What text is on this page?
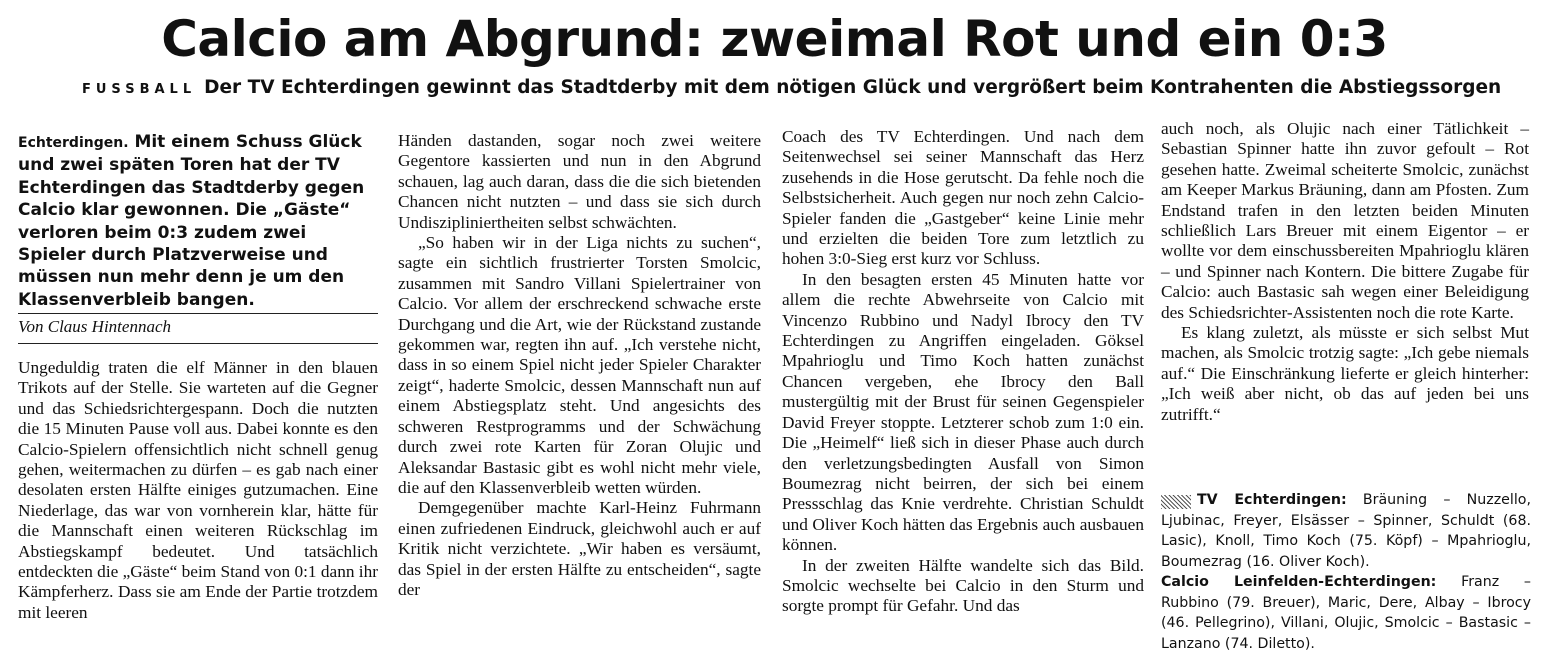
Calcio am Abgrund: zweimal Rot und ein 0:3
FUSSBALL Der TV Echterdingen gewinnt das Stadtderby mit dem nötigen Glück und vergrößert beim Kontrahenten die Abstiegssorgen
Echterdingen. Mit einem Schuss Glück und zwei späten Toren hat der TV Echterdingen das Stadtderby gegen Calcio klar gewonnen. Die „Gäste“ verloren beim 0:3 zudem zwei Spieler durch Platzverweise und müssen nun mehr denn je um den Klassenverbleib bangen.
Von Claus Hintennach

Ungeduldig traten die elf Männer in den blauen Trikots auf der Stelle. Sie warteten auf die Gegner und das Schiedsrichtergespann. Doch die nutzten die 15 Minuten Pause voll aus. Dabei konnte es den Calcio-Spielern offensichtlich nicht schnell genug gehen, weitermachen zu dürfen – es gab nach einer desolaten ersten Hälfte einiges gutzumachen. Eine Niederlage, das war von vornherein klar, hätte für die Mannschaft einen weiteren Rückschlag im Abstiegskampf bedeutet. Und tatsächlich entdeckten die „Gäste“ beim Stand von 0:1 dann ihr Kämpferherz. Dass sie am Ende der Partie trotzdem mit leeren

Händen dastanden, sogar noch zwei weitere Gegentore kassierten und nun in den Abgrund schauen, lag auch daran, dass die die sich bietenden Chancen nicht nutzten – und dass sie sich durch Undiszipliniertheiten selbst schwächten.

„So haben wir in der Liga nichts zu suchen“, sagte ein sichtlich frustrierter Torsten Smolcic, zusammen mit Sandro Villani Spielertrainer von Calcio. Vor allem der erschreckend schwache erste Durchgang und die Art, wie der Rückstand zustande gekommen war, regten ihn auf. „Ich verstehe nicht, dass in so einem Spiel nicht jeder Spieler Charakter zeigt“, haderte Smolcic, dessen Mannschaft nun auf einem Abstiegsplatz steht. Und angesichts des schweren Restprogramms und der Schwächung durch zwei rote Karten für Zoran Olujic und Aleksandar Bastasic gibt es wohl nicht mehr viele, die auf den Klassenverbleib wetten würden.

Demgegenüber machte Karl-Heinz Fuhrmann einen zufriedenen Eindruck, gleichwohl auch er auf Kritik nicht verzichtete. „Wir haben es versäumt, das Spiel in der ersten Hälfte zu entscheiden“, sagte der

Coach des TV Echterdingen. Und nach dem Seitenwechsel sei seiner Mannschaft das Herz zusehends in die Hose gerutscht. Da fehle noch die Selbstsicherheit. Auch gegen nur noch zehn Calcio-Spieler fanden die „Gastgeber“ keine Linie mehr und erzielten die beiden Tore zum letztlich zu hohen 3:0-Sieg erst kurz vor Schluss.

In den besagten ersten 45 Minuten hatte vor allem die rechte Abwehrseite von Calcio mit Vincenzo Rubbino und Nadyl Ibrocy den TV Echterdingen zu Angriffen eingeladen. Göksel Mpahrioglu und Timo Koch hatten zunächst Chancen vergeben, ehe Ibrocy den Ball mustergültig mit der Brust für seinen Gegenspieler David Freyer stoppte. Letzterer schob zum 1:0 ein. Die „Heimelf“ ließ sich in dieser Phase auch durch den verletzungsbedingten Ausfall von Simon Boumezrag nicht beirren, der sich bei einem Pressschlag das Knie verdrehte. Christian Schuldt und Oliver Koch hätten das Ergebnis auch ausbauen können.

In der zweiten Hälfte wandelte sich das Bild. Smolcic wechselte bei Calcio in den Sturm und sorgte prompt für Gefahr. Und das

auch noch, als Olujic nach einer Tätlichkeit – Sebastian Spinner hatte ihn zuvor gefoult – Rot gesehen hatte. Zweimal scheiterte Smolcic, zunächst am Keeper Markus Bräuning, dann am Pfosten. Zum Endstand trafen in den letzten beiden Minuten schließlich Lars Breuer mit einem Eigentor – er wollte vor dem einschussbereiten Mpahrioglu klären – und Spinner nach Kontern. Die bittere Zugabe für Calcio: auch Bastasic sah wegen einer Beleidigung des Schiedsrichter-Assistenten noch die rote Karte.

Es klang zuletzt, als müsste er sich selbst Mut machen, als Smolcic trotzig sagte: „Ich gebe niemals auf.“ Die Einschränkung lieferte er gleich hinterher: „Ich weiß aber nicht, ob das auf jeden bei uns zutrifft.“

TV Echterdingen: Bräuning – Nuzzello, Ljubinac, Freyer, Elsässer – Spinner, Schuldt (68. Lasic), Knoll, Timo Koch (75. Köpf) – Mpahrioglu, Boumezrag (16. Oliver Koch).

Calcio Leinfelden-Echterdingen: Franz – Rubbino (79. Breuer), Maric, Dere, Albay – Ibrocy (46. Pellegrino), Villani, Olujic, Smolcic – Bastasic – Lanzano (74. Diletto).
